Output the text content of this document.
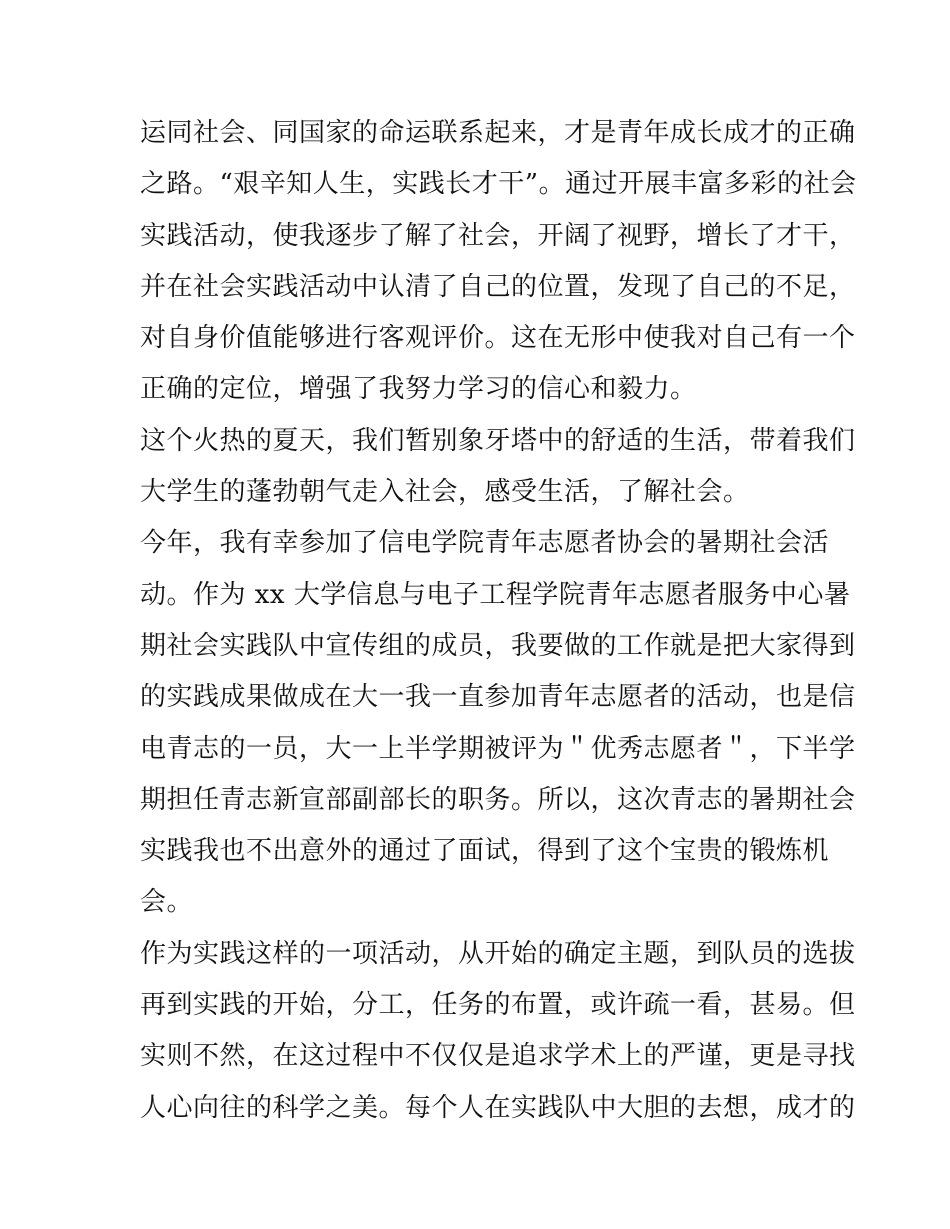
运同社会、同国家的命运联系起来，才是青年成长成才的正确
之路。“艰辛知人生，实践长才干”。通过开展丰富多彩的社会
实践活动，使我逐步了解了社会，开阔了视野，增长了才干，
并在社会实践活动中认清了自己的位置，发现了自己的不足，
对自身价值能够进行客观评价。这在无形中使我对自己有一个
正确的定位，增强了我努力学习的信心和毅力。
这个火热的夏天，我们暂别象牙塔中的舒适的生活，带着我们
大学生的蓬勃朝气走入社会，感受生活，了解社会。
今年，我有幸参加了信电学院青年志愿者协会的暑期社会活
动。作为 xx 大学信息与电子工程学院青年志愿者服务中心暑
期社会实践队中宣传组的成员，我要做的工作就是把大家得到
的实践成果做成在大一我一直参加青年志愿者的活动，也是信
电青志的一员，大一上半学期被评为＂优秀志愿者＂，下半学
期担任青志新宣部副部长的职务。所以，这次青志的暑期社会
实践我也不出意外的通过了面试，得到了这个宝贵的锻炼机
会。
作为实践这样的一项活动，从开始的确定主题，到队员的选拔
再到实践的开始，分工，任务的布置，或许疏一看，甚易。但
实则不然，在这过程中不仅仅是追求学术上的严谨，更是寻找
人心向往的科学之美。每个人在实践队中大胆的去想，成才的
